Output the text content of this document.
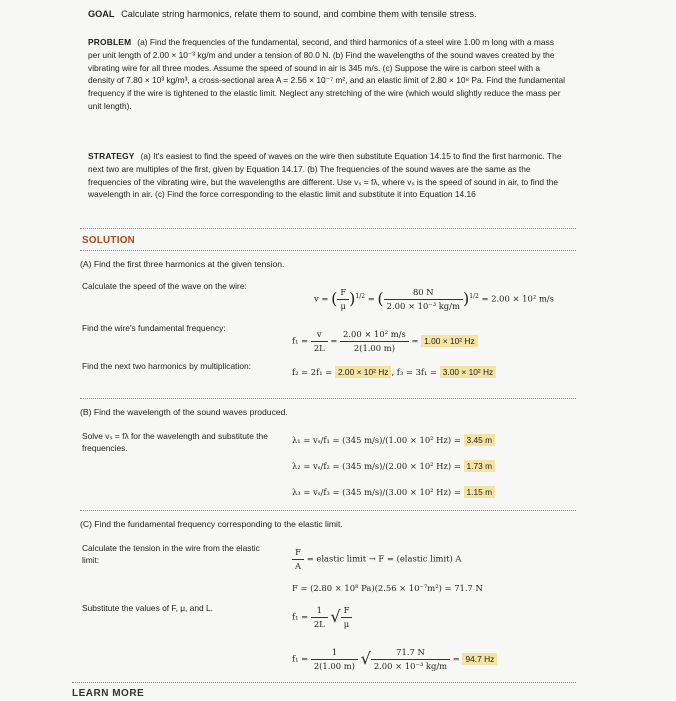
GOAL Calculate string harmonics, relate them to sound, and combine them with tensile stress.
PROBLEM (a) Find the frequencies of the fundamental, second, and third harmonics of a steel wire 1.00 m long with a mass per unit length of 2.00 × 10⁻³ kg/m and under a tension of 80.0 N. (b) Find the wavelengths of the sound waves created by the vibrating wire for all three modes. Assume the speed of sound in air is 345 m/s. (c) Suppose the wire is carbon steel with a density of 7.80 × 10³ kg/m³, a cross-sectional area A = 2.56 × 10⁻⁷ m², and an elastic limit of 2.80 × 10⁸ Pa. Find the fundamental frequency if the wire is tightened to the elastic limit. Neglect any stretching of the wire (which would slightly reduce the mass per unit length).
STRATEGY (a) It's easiest to find the speed of waves on the wire then substitute Equation 14.15 to find the first harmonic. The next two are multiples of the first, given by Equation 14.17. (b) The frequencies of the sound waves are the same as the frequencies of the vibrating wire, but the wavelengths are different. Use vₛ = fλ, where vₛ is the speed of sound in air, to find the wavelength in air. (c) Find the force corresponding to the elastic limit and substitute it into Equation 14.16
SOLUTION
(A) Find the first three harmonics at the given tension.
Calculate the speed of the wave on the wire:
v = ( $\frac{F}{\mu} )^{1/2}$ = ( $\frac{80 N}{\text{2.00 × 10⁻³ kg/m}} )^{1/2} = 2.00 \times 10^2$ m/s
Find the wire's fundamental frequency:
$f_1 = \frac{v}{2L} = \frac{\text{2.00 × 10² m/s}}{2(1.00 m)} = 1.00 \times 10^2$ Hz
Find the next two harmonics by multiplication:
f₂ = 2f₁ = 2.00 × 10² Hz , f₃ = 3f₁ = 3.00 × 10² Hz
(B) Find the wavelength of the sound waves produced.
Solve vₛ = fλ for the wavelength and substitute the frequencies.
λ₁ = vₛ/f₁ = (345 m/s)/(1.00 × 10² Hz) = 3.45 m
λ₂ = vₛ/f₂ = (345 m/s)/(2.00 × 10² Hz) = 1.73 m
λ₃ = vₛ/f₃ = (345 m/s)/(3.00 × 10² Hz) = 1.15 m
(C) Find the fundamental frequency corresponding to the elastic limit.
Calculate the tension in the wire from the elastic limit:	$\frac{F}{A}$ = elastic limit → F = (elastic limit) A
F = (2.80 × 10⁸ Pa)(2.56 × 10⁻⁷m²) = 71.7 N
Substitute the values of F, μ, and L.
$f_1 = \frac{1}{2L}$ √ $\frac{F}{\mu}$
$f_1 = \frac{1}{2(1.00 m)}$ √ $\frac{71.7 N}{\text{2.00 × 10⁻³ kg/m}} = 94.7$ Hz
LEARN MORE
